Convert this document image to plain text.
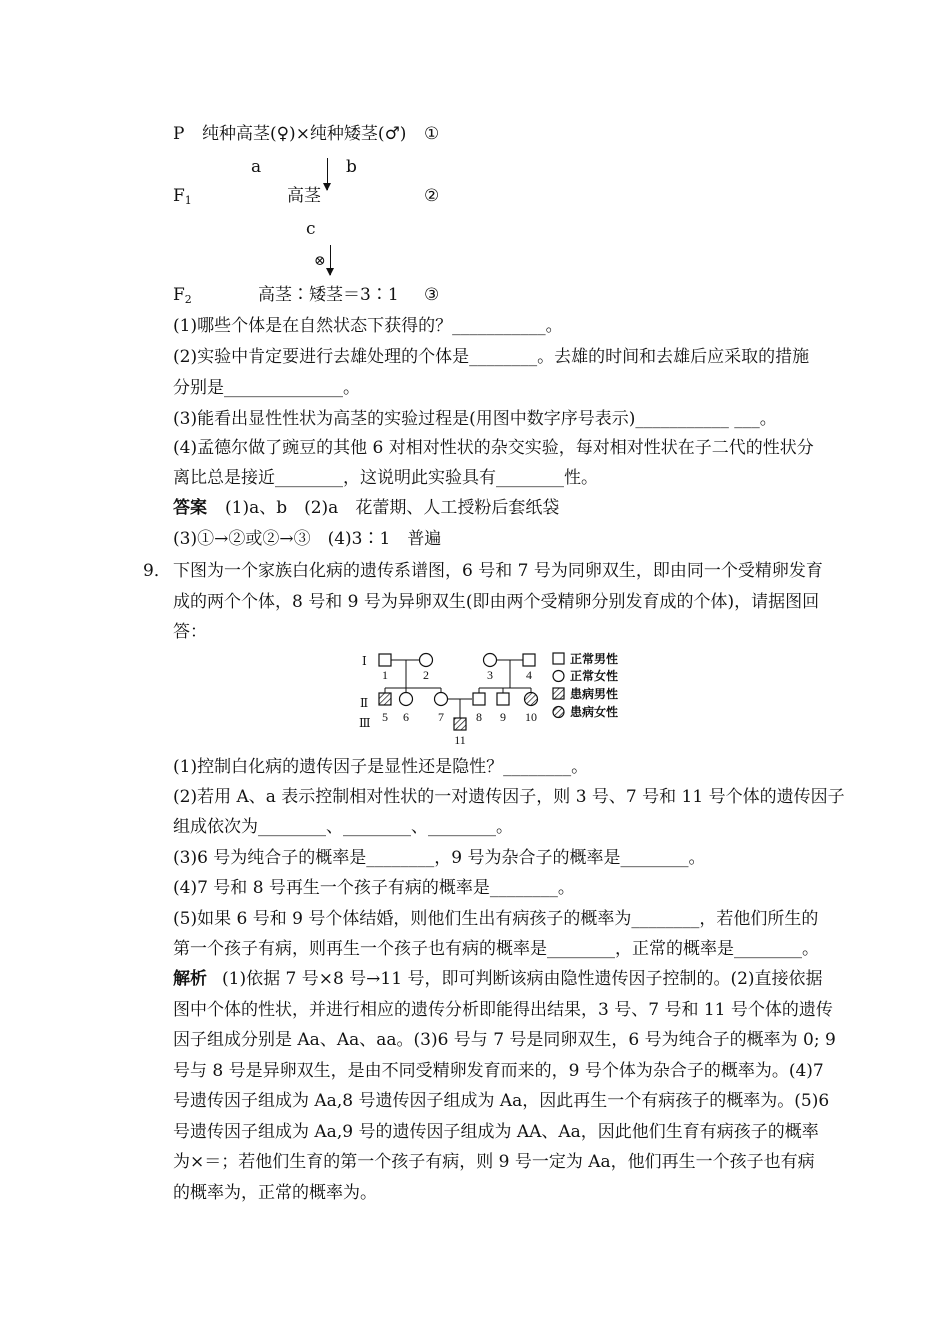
P 纯种高茎(♀)×纯种矮茎(♂) ①
a	b
$F_1$	高茎	②
c
⊗
$F_2$	高茎∶矮茎＝3∶1 ③
(1)哪些个体是在自然状态下获得的？___________。
(2)实验中肯定要进行去雄处理的个体是________。去雄的时间和去雄后应采取的措施
分别是______________。
(3)能看出显性性状为高茎的实验过程是(用图中数字序号表示)___________ ___。
(4)孟德尔做了豌豆的其他 6 对相对性状的杂交实验，每对相对性状在子二代的性状分
离比总是接近________，这说明此实验具有________性。
答案 (1)a、b　(2)a　花蕾期、人工授粉后套纸袋
(3)①→②或②→③　(4)3∶1　普遍
9． 下图为一个家族白化病的遗传系谱图，6 号和 7 号为同卵双生，即由同一个受精卵发育
成的两个个体，8 号和 9 号为异卵双生(即由两个受精卵分别发育成的个体)，请据图回
答：
Ⅰ
Ⅱ
Ⅲ
1	2	3	4
5 6 7	8 9 10
11
正常男性
正常女性
患病男性
患病女性
(1)控制白化病的遗传因子是显性还是隐性？________。
(2)若用 A、a 表示控制相对性状的一对遗传因子，则 3 号、7 号和 11 号个体的遗传因子
组成依次为________、________、________。
(3)6 号为纯合子的概率是________，9 号为杂合子的概率是________。
(4)7 号和 8 号再生一个孩子有病的概率是________。
(5)如果 6 号和 9 号个体结婚，则他们生出有病孩子的概率为________，若他们所生的
第一个孩子有病，则再生一个孩子也有病的概率是________，正常的概率是________。
解析 (1)依据 7 号×8 号→11 号，即可判断该病由隐性遗传因子控制的。(2)直接依据
图中个体的性状，并进行相应的遗传分析即能得出结果，3 号、7 号和 11 号个体的遗传
因子组成分别是 Aa、Aa、aa。(3)6 号与 7 号是同卵双生，6 号为纯合子的概率为 0; 9
号与 8 号是异卵双生，是由不同受精卵发育而来的，9 号个体为杂合子的概率为。(4)7
号遗传因子组成为 Aa,8 号遗传因子组成为 Aa，因此再生一个有病孩子的概率为。(5)6
号遗传因子组成为 Aa,9 号的遗传因子组成为 AA、Aa，因此他们生育有病孩子的概率
为×＝；若他们生育的第一个孩子有病，则 9 号一定为 Aa，他们再生一个孩子也有病
的概率为，正常的概率为。
